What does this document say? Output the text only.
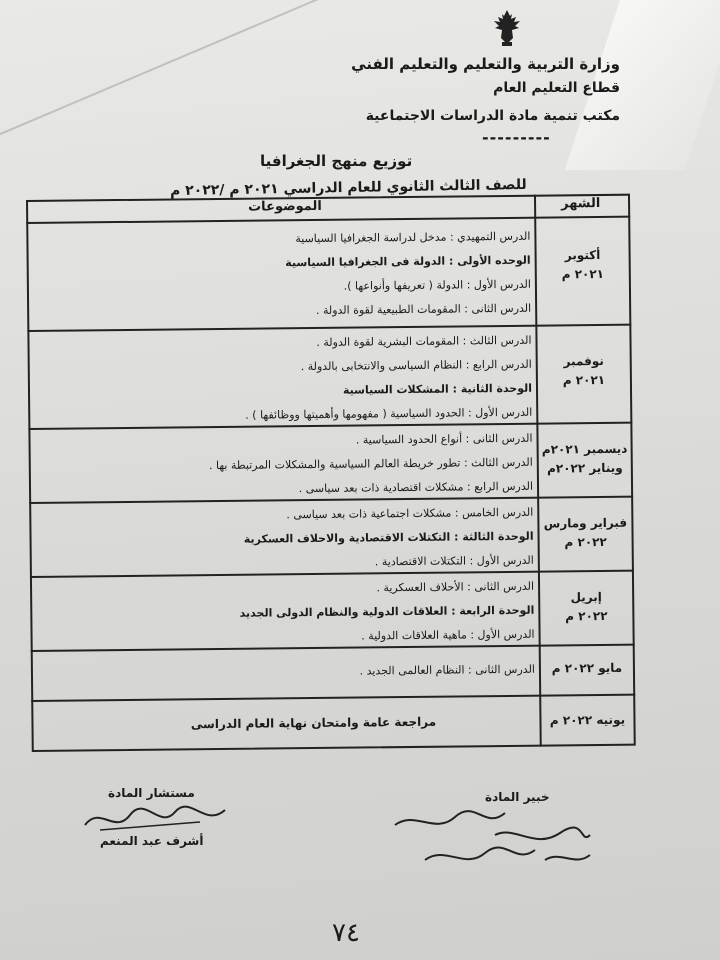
وزارة التربية والتعليم والتعليم الفني
قطاع التعليم العام
مكتب تنمية مادة الدراسات الاجتماعية
---------
توزيع منهج الجغرافيا
للصف الثالث الثانوي للعام الدراسي ٢٠٢١ م /٢٠٢٢ م
الشهر
الموضوعات
أكتوبر
٢٠٢١ م
الدرس التمهيدي : مدخل لدراسة الجغرافيا السياسية
الوحده الأولى : الدولة فى الجغرافيا السياسية
الدرس الأول : الدولة ( تعريفها وأنواعها ).
الدرس الثانى : المقومات الطبيعية لقوة الدولة .
نوفمبر
٢٠٢١ م
الدرس الثالث : المقومات البشرية لقوة الدولة .
الدرس الرابع : النظام السياسى والانتخابى بالدولة .
الوحدة الثانية : المشكلات السياسية
الدرس الأول : الحدود السياسية ( مفهومها وأهميتها ووظائفها ) .
ديسمبر ٢٠٢١م
ويناير ٢٠٢٢م
الدرس الثانى : أنواع الحدود السياسية .
الدرس الثالث : تطور خريطة العالم السياسية والمشكلات المرتبطة بها .
الدرس الرابع : مشكلات اقتصادية ذات بعد سياسى .
فبراير ومارس
٢٠٢٢ م
الدرس الخامس : مشكلات اجتماعية ذات بعد سياسى .
الوحدة الثالثة : التكتلات الاقتصادية والاحلاف العسكرية
الدرس الأول : التكتلات الاقتصادية .
إبريل
٢٠٢٢ م
الدرس الثانى : الأحلاف العسكرية .
الوحدة الرابعة : العلاقات الدولية والنظام الدولى الجديد
الدرس الأول : ماهية العلاقات الدولية .
مايو ٢٠٢٢ م
الدرس الثانى : النظام العالمى الجديد .
يونيه ٢٠٢٢ م
مراجعة عامة وامتحان نهاية العام الدراسى
خبير المادة
مستشار المادة
أشرف عبد المنعم
٧٤
